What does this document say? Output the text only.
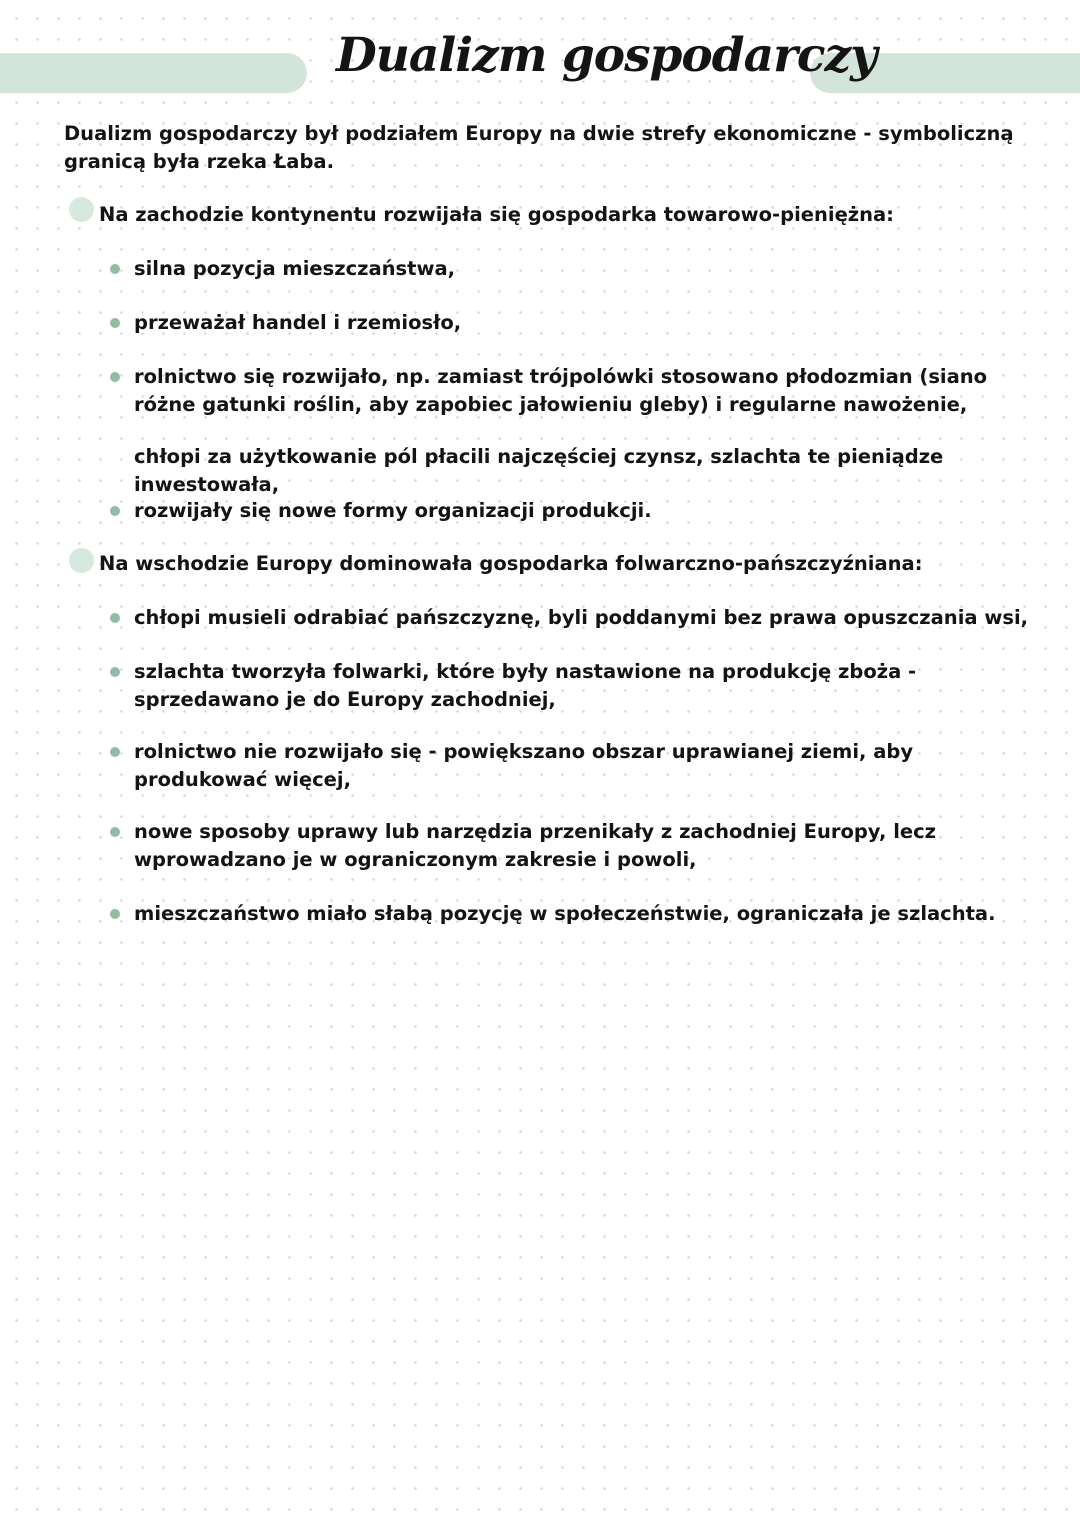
Dualizm gospodarczy

Dualizm gospodarczy był podziałem Europy na dwie strefy ekonomiczne - symboliczną granicą była rzeka Łaba.

Na zachodzie kontynentu rozwijała się gospodarka towarowo-pieniężna:

silna pozycja mieszczaństwa,
przeważał handel i rzemiosło,
rolnictwo się rozwijało, np. zamiast trójpolówki stosowano płodozmian (siano różne gatunki roślin, aby zapobiec jałowieniu gleby) i regularne nawożenie,
rozwijały się nowe formy organizacji produkcji.

chłopi za użytkowanie pól płacili najczęściej czynsz, szlachta te pieniądze inwestowała,

Na wschodzie Europy dominowała gospodarka folwarczno-pańszczyźniana:

chłopi musieli odrabiać pańszczyznę, byli poddanymi bez prawa opuszczania wsi,
szlachta tworzyła folwarki, które były nastawione na produkcję zboża - sprzedawano je do Europy zachodniej,
rolnictwo nie rozwijało się - powiększano obszar uprawianej ziemi, aby produkować więcej,
nowe sposoby uprawy lub narzędzia przenikały z zachodniej Europy, lecz wprowadzano je w ograniczonym zakresie i powoli,
mieszczaństwo miało słabą pozycję w społeczeństwie, ograniczała je szlachta.
